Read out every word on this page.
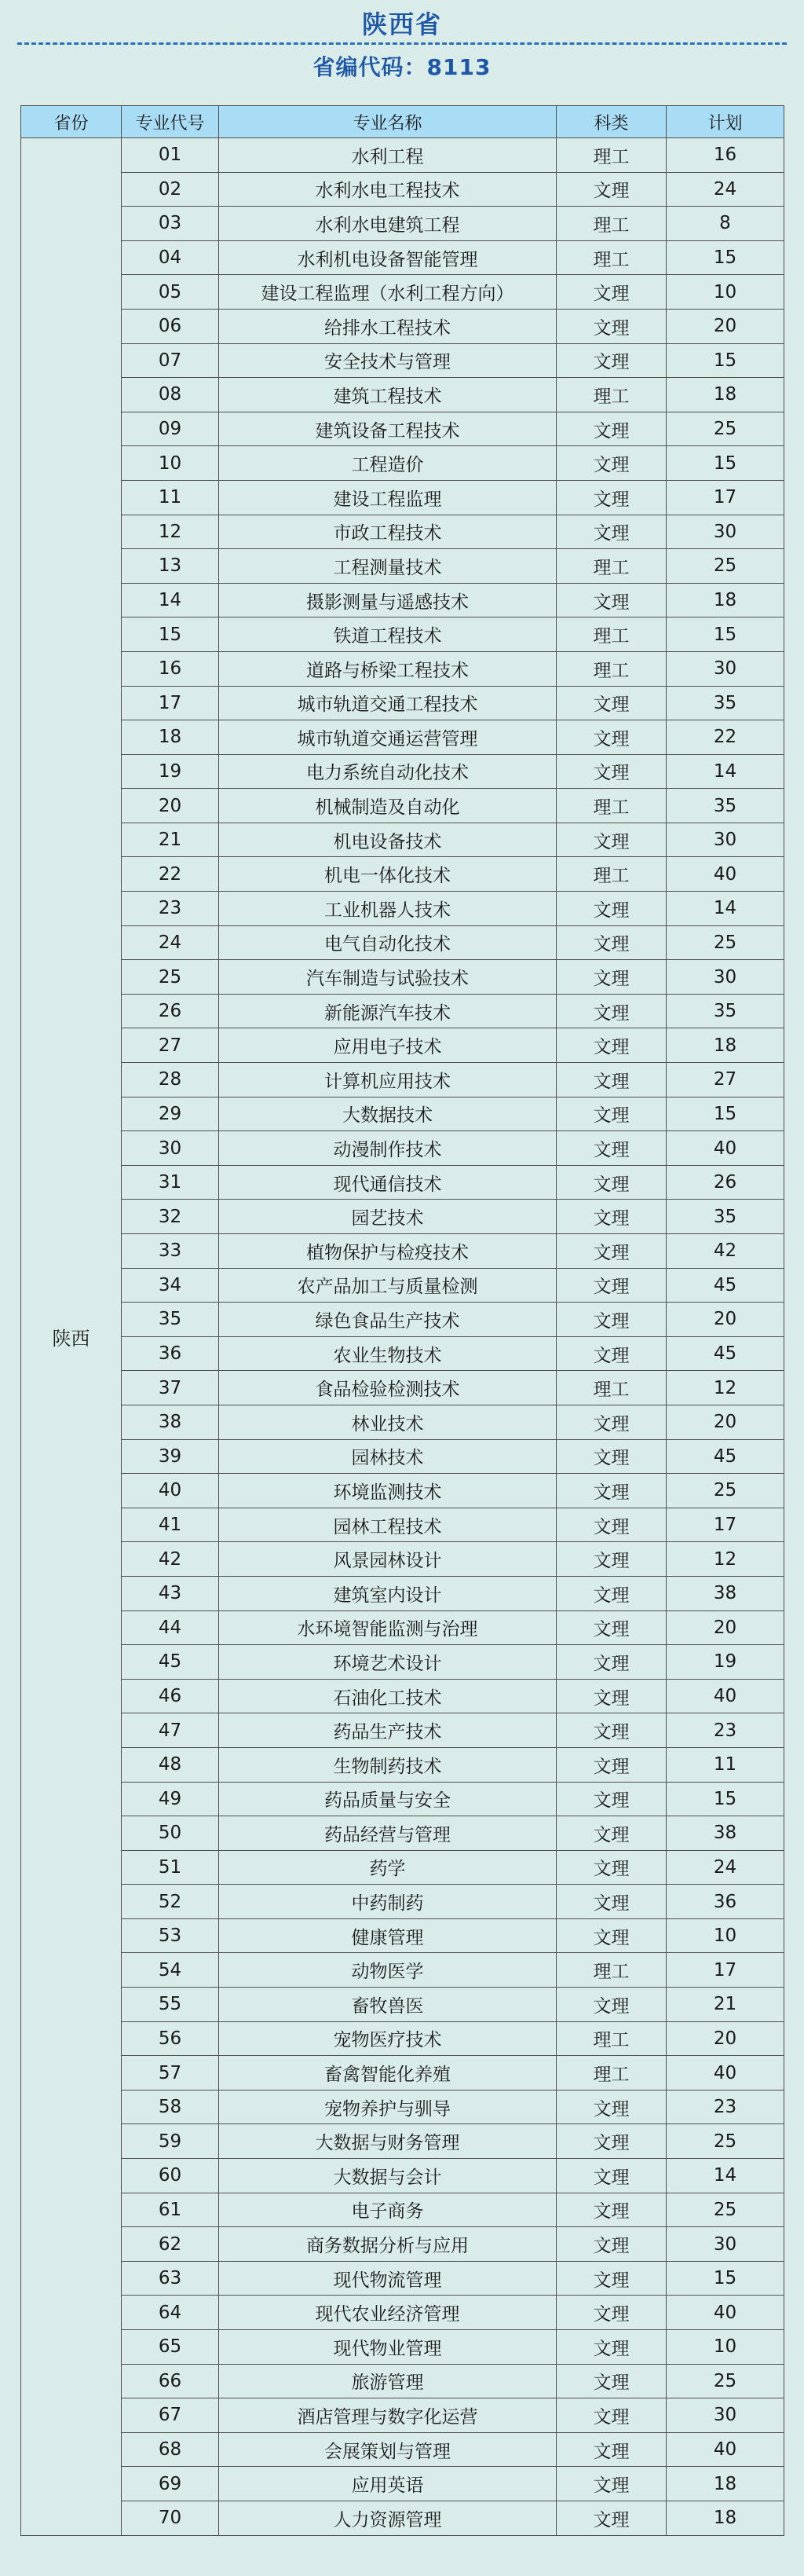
陕西省
省编代码：8113
省份	专业代号	专业名称	科类	计划
陕西	01	水利工程	理工	16
	02	水利水电工程技术	文理	24
	03	水利水电建筑工程	理工	8
	04	水利机电设备智能管理	理工	15
	05	建设工程监理（水利工程方向）	文理	10
	06	给排水工程技术	文理	20
	07	安全技术与管理	文理	15
	08	建筑工程技术	理工	18
	09	建筑设备工程技术	文理	25
	10	工程造价	文理	15
	11	建设工程监理	文理	17
	12	市政工程技术	文理	30
	13	工程测量技术	理工	25
	14	摄影测量与遥感技术	文理	18
	15	铁道工程技术	理工	15
	16	道路与桥梁工程技术	理工	30
	17	城市轨道交通工程技术	文理	35
	18	城市轨道交通运营管理	文理	22
	19	电力系统自动化技术	文理	14
	20	机械制造及自动化	理工	35
	21	机电设备技术	文理	30
	22	机电一体化技术	理工	40
	23	工业机器人技术	文理	14
	24	电气自动化技术	文理	25
	25	汽车制造与试验技术	文理	30
	26	新能源汽车技术	文理	35
	27	应用电子技术	文理	18
	28	计算机应用技术	文理	27
	29	大数据技术	文理	15
	30	动漫制作技术	文理	40
	31	现代通信技术	文理	26
	32	园艺技术	文理	35
	33	植物保护与检疫技术	文理	42
	34	农产品加工与质量检测	文理	45
	35	绿色食品生产技术	文理	20
	36	农业生物技术	文理	45
	37	食品检验检测技术	理工	12
	38	林业技术	文理	20
	39	园林技术	文理	45
	40	环境监测技术	文理	25
	41	园林工程技术	文理	17
	42	风景园林设计	文理	12
	43	建筑室内设计	文理	38
	44	水环境智能监测与治理	文理	20
	45	环境艺术设计	文理	19
	46	石油化工技术	文理	40
	47	药品生产技术	文理	23
	48	生物制药技术	文理	11
	49	药品质量与安全	文理	15
	50	药品经营与管理	文理	38
	51	药学	文理	24
	52	中药制药	文理	36
	53	健康管理	文理	10
	54	动物医学	理工	17
	55	畜牧兽医	文理	21
	56	宠物医疗技术	理工	20
	57	畜禽智能化养殖	理工	40
	58	宠物养护与驯导	文理	23
	59	大数据与财务管理	文理	25
	60	大数据与会计	文理	14
	61	电子商务	文理	25
	62	商务数据分析与应用	文理	30
	63	现代物流管理	文理	15
	64	现代农业经济管理	文理	40
	65	现代物业管理	文理	10
	66	旅游管理	文理	25
	67	酒店管理与数字化运营	文理	30
	68	会展策划与管理	文理	40
	69	应用英语	文理	18
	70	人力资源管理	文理	18
